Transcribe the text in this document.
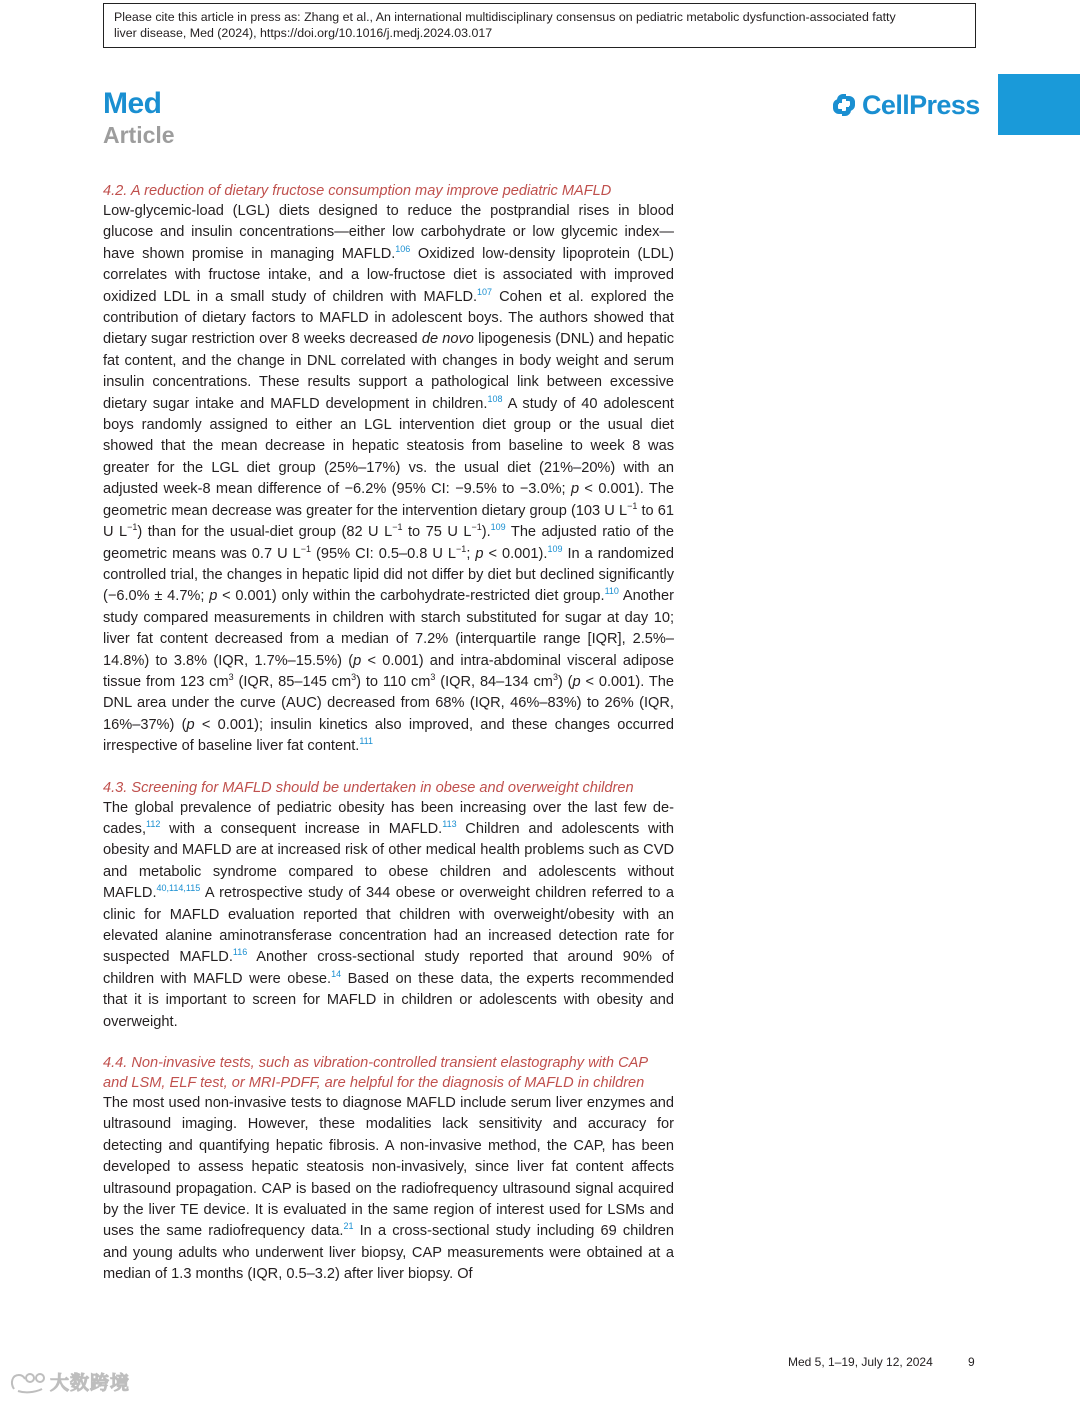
Please cite this article in press as: Zhang et al., An international multidisciplinary consensus on pediatric metabolic dysfunction-associated fatty
liver disease, Med (2024), https://doi.org/10.1016/j.medj.2024.03.017
Med
Article
CellPress
4.2. A reduction of dietary fructose consumption may improve pediatric MAFLD
Low-glycemic-load (LGL) diets designed to reduce the postprandial rises in blood glucose and insulin concentrations—either low carbohydrate or low glycemic index—have shown promise in managing MAFLD.$^{106}$ Oxidized low-density lipoprotein (LDL) correlates with fructose intake, and a low-fructose diet is associated with improved oxidized LDL in a small study of children with MAFLD.$^{107}$ Cohen et al. explored the contribution of dietary factors to MAFLD in adolescent boys. The authors showed that dietary sugar restriction over 8 weeks decreased de novo lipogenesis (DNL) and hepatic fat content, and the change in DNL correlated with changes in body weight and serum insulin concentrations. These results support a pathological link between excessive dietary sugar intake and MAFLD development in children.$^{108}$ A study of 40 adolescent boys randomly assigned to either an LGL intervention diet group or the usual diet showed that the mean decrease in hepatic steatosis from baseline to week 8 was greater for the LGL diet group (25%–17%) vs. the usual diet (21%–20%) with an adjusted week-8 mean difference of −6.2% (95% CI: −9.5% to −3.0%; p < 0.001). The geometric mean decrease was greater for the intervention dietary group (103 U $L^{-1}$ to 61 U $L^{-1}$) than for the usual-diet group (82 U $L^{-1}$ to 75 U $L^{-1}).^{109}$ The adjusted ratio of the geometric means was 0.7 U $L^{-1}$ (95% CI: 0.5–0.8 U $L^{-1}$; p < 0.001).$^{109}$ In a randomized controlled trial, the changes in hepatic lipid did not differ by diet but declined significantly (−6.0% ± 4.7%; p < 0.001) only within the carbohydrate-restricted diet group.$^{110}$ Another study compared measurements in children with starch substituted for sugar at day 10; liver fat content decreased from a median of 7.2% (interquartile range [IQR], 2.5%–14.8%) to 3.8% (IQR, 1.7%–15.5%) (p < 0.001) and intra-abdominal visceral adipose tissue from 123 $cm^3$ (IQR, 85–145 $cm^3$) to 110 $cm^3$ (IQR, 84–134 $cm^3$) (p < 0.001). The DNL area under the curve (AUC) decreased from 68% (IQR, 46%–83%) to 26% (IQR, 16%–37%) (p < 0.001); insulin kinetics also improved, and these changes occurred irrespective of baseline liver fat content.$^{111}$
4.3. Screening for MAFLD should be undertaken in obese and overweight children
The global prevalence of pediatric obesity has been increasing over the last few decades,$^{112}$ with a consequent increase in MAFLD.$^{113}$ Children and adolescents with obesity and MAFLD are at increased risk of other medical health problems such as CVD and metabolic syndrome compared to obese children and adolescents without MAFLD.$^{40,114,115}$ A retrospective study of 344 obese or overweight children referred to a clinic for MAFLD evaluation reported that children with overweight/obesity with an elevated alanine aminotransferase concentration had an increased detection rate for suspected MAFLD.$^{116}$ Another cross-sectional study reported that around 90% of children with MAFLD were obese.$^{14}$ Based on these data, the experts recommended that it is important to screen for MAFLD in children or adolescents with obesity and overweight.
4.4. Non-invasive tests, such as vibration-controlled transient elastography with CAP and LSM, ELF test, or MRI-PDFF, are helpful for the diagnosis of MAFLD in children
The most used non-invasive tests to diagnose MAFLD include serum liver enzymes and ultrasound imaging. However, these modalities lack sensitivity and accuracy for detecting and quantifying hepatic fibrosis. A non-invasive method, the CAP, has been developed to assess hepatic steatosis non-invasively, since liver fat content affects ultrasound propagation. CAP is based on the radiofrequency ultrasound signal acquired by the liver TE device. It is evaluated in the same region of interest used for LSMs and uses the same radiofrequency data.$^{21}$ In a cross-sectional study including 69 children and young adults who underwent liver biopsy, CAP measurements were obtained at a median of 1.3 months (IQR, 0.5–3.2) after liver biopsy. Of
Med 5, 1–19, July 12, 2024	9
大数跨境
